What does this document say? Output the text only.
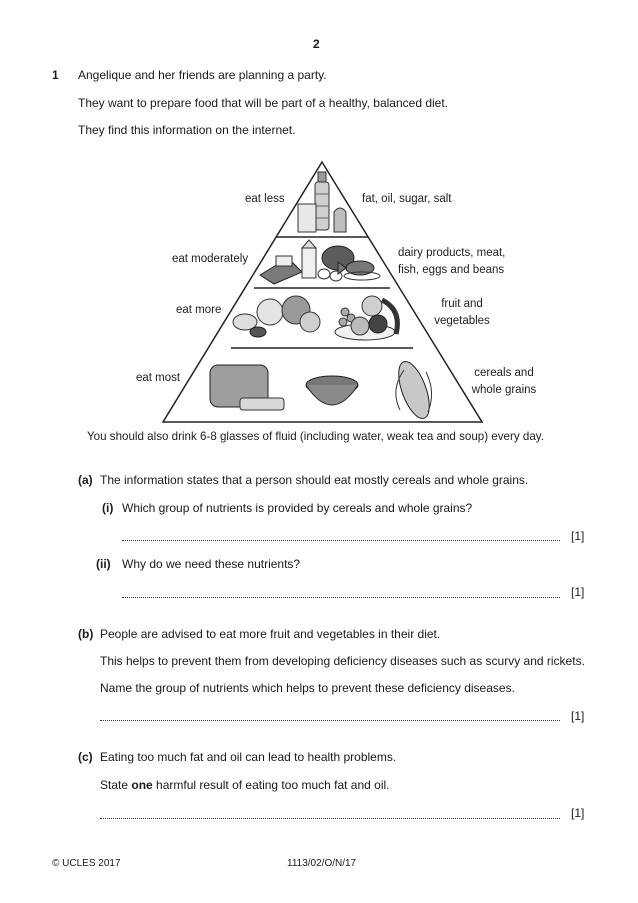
2
1 Angelique and her friends are planning a party.
They want to prepare food that will be part of a healthy, balanced diet.
They find this information on the internet.
eat less	fat, oil, sugar, salt
eat moderately	dairy products, meat,
fish, eggs and beans
eat more	fruit and
vegetables
eat most	cereals and
whole grains
You should also drink 6-8 glasses of fluid (including water, weak tea and soup) every day.
(a) The information states that a person should eat mostly cereals and whole grains.
(i) Which group of nutrients is provided by cereals and whole grains?
[1]
(ii) Why do we need these nutrients?
[1]
(b) People are advised to eat more fruit and vegetables in their diet.
This helps to prevent them from developing deficiency diseases such as scurvy and rickets.
Name the group of nutrients which helps to prevent these deficiency diseases.
[1]
(c) Eating too much fat and oil can lead to health problems.
State one harmful result of eating too much fat and oil.
[1]
© UCLES 2017	1113/02/O/N/17
